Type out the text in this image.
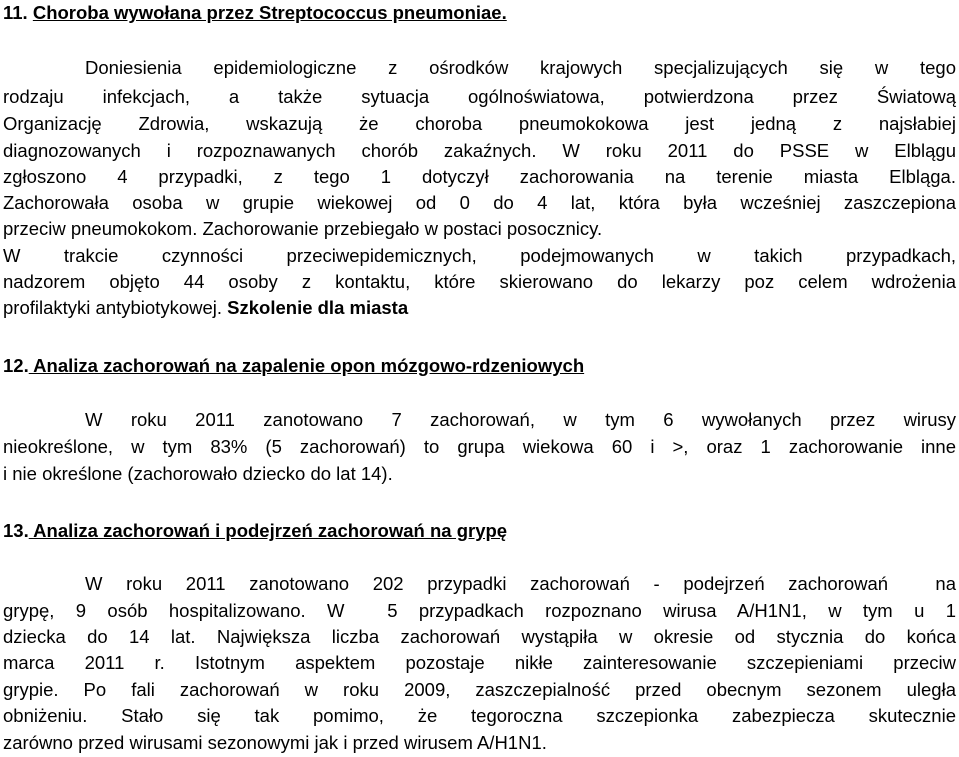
11. Choroba wywołana przez Streptococcus pneumoniae.
Doniesienia epidemiologiczne z ośrodków krajowych specjalizujących się w tego
rodzaju infekcjach, a także sytuacja ogólnoświatowa, potwierdzona przez Światową
Organizację Zdrowia, wskazują że choroba pneumokokowa jest jedną z najsłabiej
diagnozowanych i rozpoznawanych chorób zakaźnych. W roku 2011 do PSSE w Elblągu
zgłoszono 4 przypadki, z tego 1 dotyczył zachorowania na terenie miasta Elbląga.
Zachorowała osoba w grupie wiekowej od 0 do 4 lat, która była wcześniej zaszczepiona
przeciw pneumokokom. Zachorowanie przebiegało w postaci posocznicy.
W trakcie czynności przeciwepidemicznych, podejmowanych w takich przypadkach,
nadzorem objęto 44 osoby z kontaktu, które skierowano do lekarzy poz celem wdrożenia
profilaktyki antybiotykowej. Szkolenie dla miasta
12. Analiza zachorowań na zapalenie opon mózgowo-rdzeniowych
W roku 2011 zanotowano 7 zachorowań, w tym 6 wywołanych przez wirusy
nieokreślone, w tym 83% (5 zachorowań) to grupa wiekowa 60 i >, oraz 1 zachorowanie inne
i nie określone (zachorowało dziecko do lat 14).
13. Analiza zachorowań i podejrzeń zachorowań na grypę
W roku 2011 zanotowano 202 przypadki zachorowań - podejrzeń zachorowań  na
grypę, 9 osób hospitalizowano. W  5 przypadkach rozpoznano wirusa A/H1N1, w tym u 1
dziecka do 14 lat. Największa liczba zachorowań wystąpiła w okresie od stycznia do końca
marca 2011 r. Istotnym aspektem pozostaje nikłe zainteresowanie szczepieniami przeciw
grypie. Po fali zachorowań w roku 2009, zaszczepialność przed obecnym sezonem uległa
obniżeniu. Stało się tak pomimo, że tegoroczna szczepionka zabezpiecza skutecznie
zarówno przed wirusami sezonowymi jak i przed wirusem A/H1N1.
